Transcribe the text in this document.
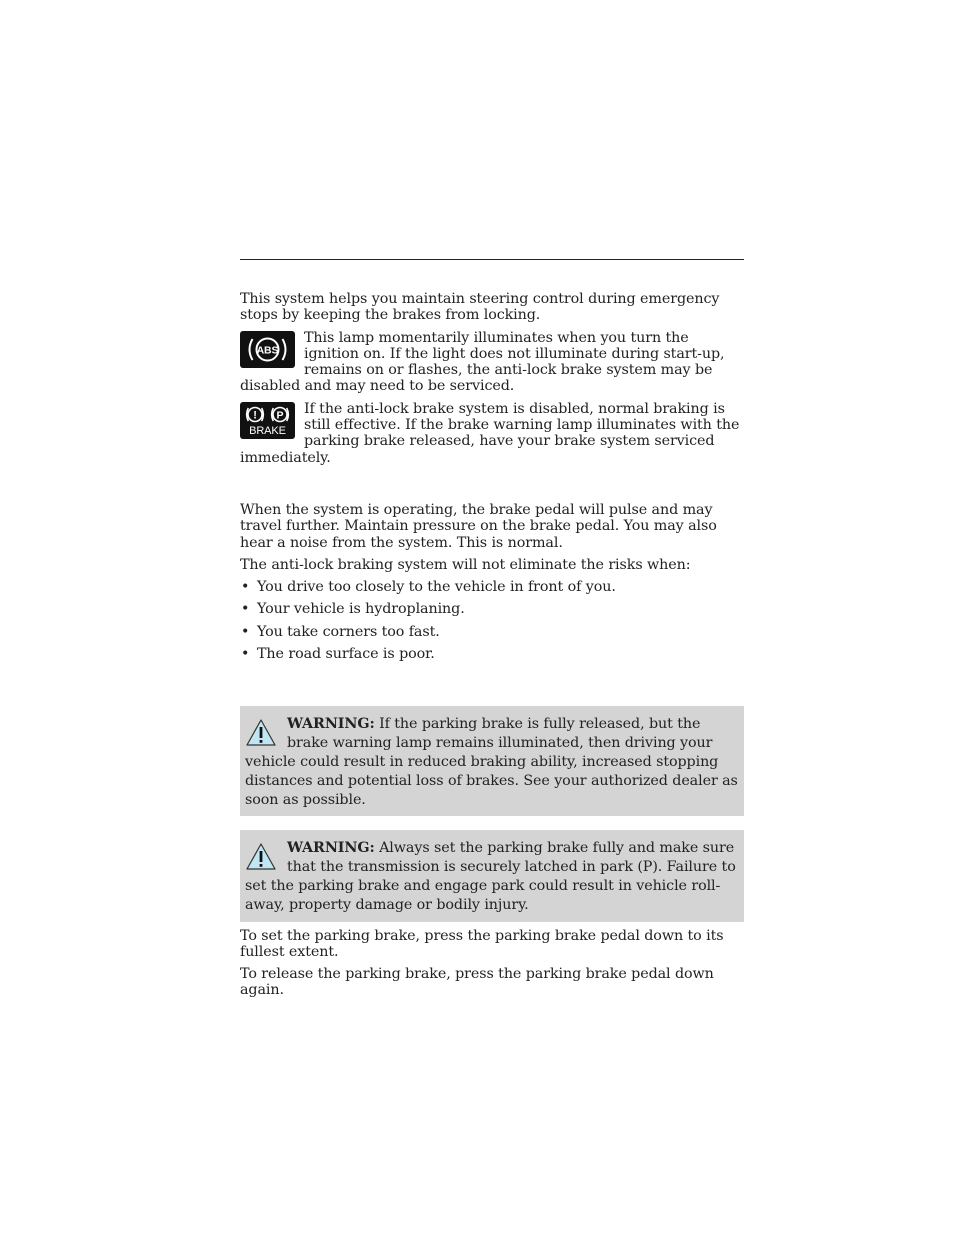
This system helps you maintain steering control during emergency stops by keeping the brakes from locking.

ABS

This lamp momentarily illuminates when you turn the ignition on. If the light does not illuminate during start-up, remains on or flashes, the anti-lock brake system may be disabled and may need to be serviced.

! P
BRAKE

If the anti-lock brake system is disabled, normal braking is still effective. If the brake warning lamp illuminates with the parking brake released, have your brake system serviced immediately.

When the system is operating, the brake pedal will pulse and may travel further. Maintain pressure on the brake pedal. You may also hear a noise from the system. This is normal.

The anti-lock braking system will not eliminate the risks when:

• You drive too closely to the vehicle in front of you.
• Your vehicle is hydroplaning.
• You take corners too fast.
• The road surface is poor.
WARNING: If the parking brake is fully released, but the brake warning lamp remains illuminated, then driving your vehicle could result in reduced braking ability, increased stopping distances and potential loss of brakes. See your authorized dealer as soon as possible.
WARNING: Always set the parking brake fully and make sure that the transmission is securely latched in park (P). Failure to set the parking brake and engage park could result in vehicle roll-away, property damage or bodily injury.

To set the parking brake, press the parking brake pedal down to its fullest extent.

To release the parking brake, press the parking brake pedal down again.
